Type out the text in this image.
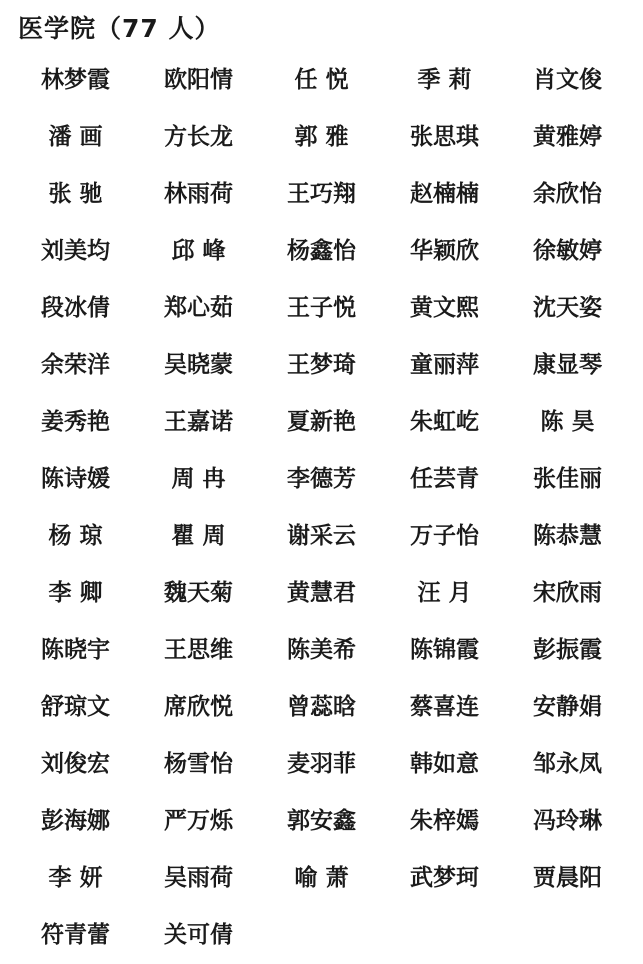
医学院（77 人）
林梦霞	欧阳情	任悦	季莉	肖文俊
潘画	方长龙	郭雅	张思琪	黄雅婷
张驰	林雨荷	王巧翔	赵楠楠	余欣怡
刘美均	邱峰	杨鑫怡	华颖欣	徐敏婷
段冰倩	郑心茹	王子悦	黄文熙	沈天姿
余荣洋	吴晓蒙	王梦琦	童丽萍	康显琴
姜秀艳	王嘉诺	夏新艳	朱虹屹	陈昊
陈诗媛	周冉	李德芳	任芸青	张佳丽
杨琼	瞿周	谢采云	万子怡	陈恭慧
李卿	魏天菊	黄慧君	汪月	宋欣雨
陈晓宇	王思维	陈美希	陈锦霞	彭振霞
舒琼文	席欣悦	曾蕊晗	蔡喜连	安静娟
刘俊宏	杨雪怡	麦羽菲	韩如意	邹永凤
彭海娜	严万烁	郭安鑫	朱梓嫣	冯玲琳
李妍	吴雨荷	喻萧	武梦珂	贾晨阳
符青蕾	关可倩
